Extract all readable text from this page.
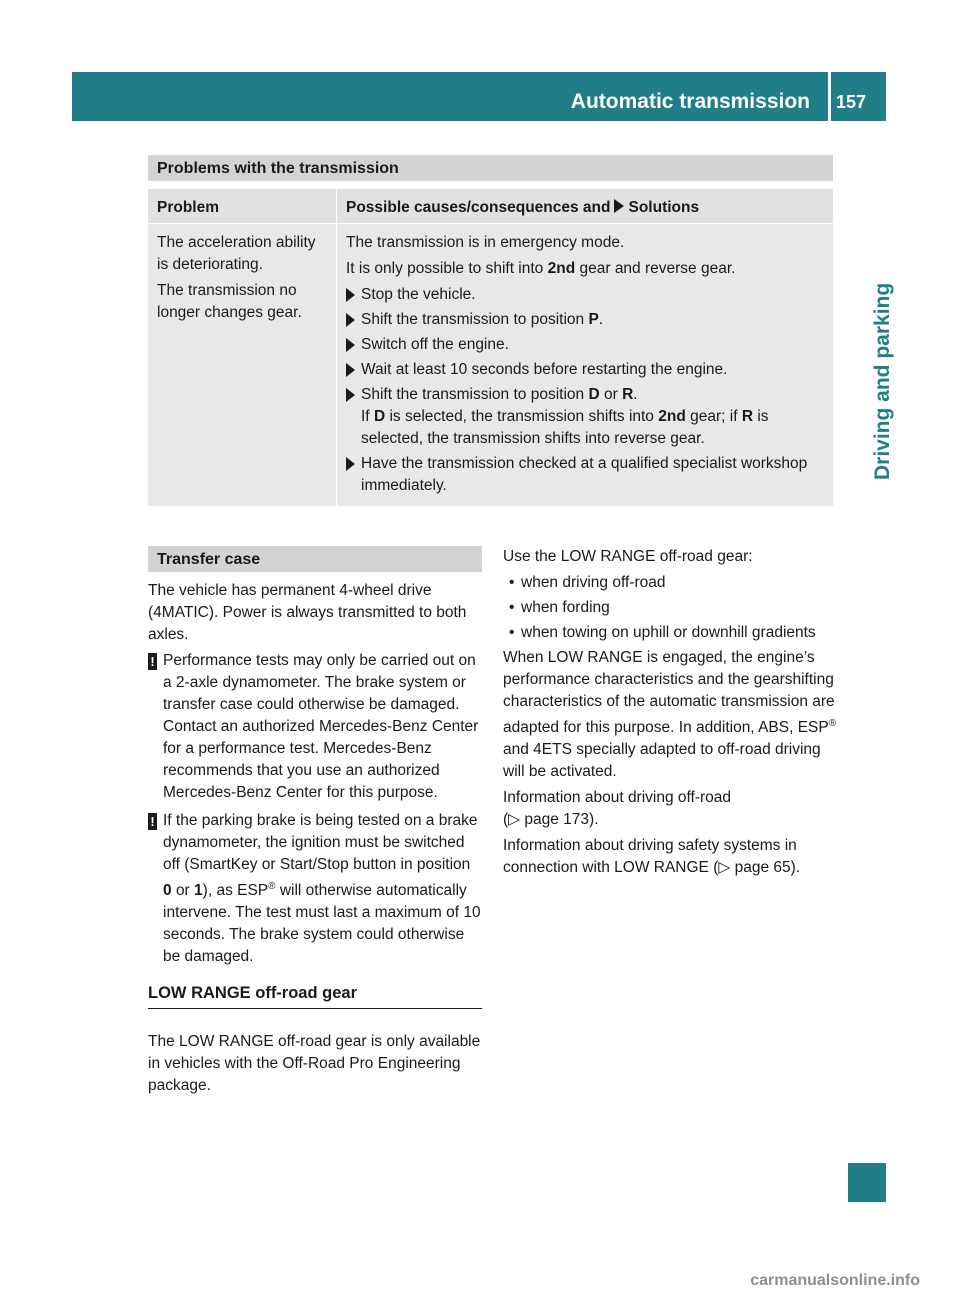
Automatic transmission	157
Driving and parking
Problems with the transmission
Problem	Possible causes/consequences and Solutions

The acceleration ability is deteriorating.

The transmission no longer changes gear.

The transmission is in emergency mode.

It is only possible to shift into 2nd gear and reverse gear.

Stop the vehicle.
Shift the transmission to position P.
Switch off the engine.
Wait at least 10 seconds before restarting the engine.
Shift the transmission to position D or R.
If D is selected, the transmission shifts into 2nd gear; if R is selected, the transmission shifts into reverse gear.
Have the transmission checked at a qualified specialist workshop immediately.
Transfer case

The vehicle has permanent 4-wheel drive (4MATIC). Power is always transmitted to both axles.

! Performance tests may only be carried out on a 2-axle dynamometer. The brake system or transfer case could otherwise be damaged. Contact an authorized Mercedes-Benz Center for a performance test. Mercedes-Benz recommends that you use an authorized Mercedes-Benz Center for this purpose.
! If the parking brake is being tested on a brake dynamometer, the ignition must be switched off (SmartKey or Start/Stop button in position 0 or 1), as ESP® will otherwise automatically intervene. The test must last a maximum of 10 seconds. The brake system could otherwise be damaged.
LOW RANGE off-road gear

The LOW RANGE off-road gear is only available in vehicles with the Off-Road Pro Engineering package.

Use the LOW RANGE off-road gear:

• when driving off-road
• when fording
• when towing on uphill or downhill gradients

When LOW RANGE is engaged, the engine’s performance characteristics and the gearshifting characteristics of the automatic transmission are adapted for this purpose. In addition, ABS, ESP® and 4ETS specially adapted to off-road driving will be activated.

Information about driving off-road
(▷ page 173).

Information about driving safety systems in connection with LOW RANGE (▷ page 65).

carmanualsonline.info
